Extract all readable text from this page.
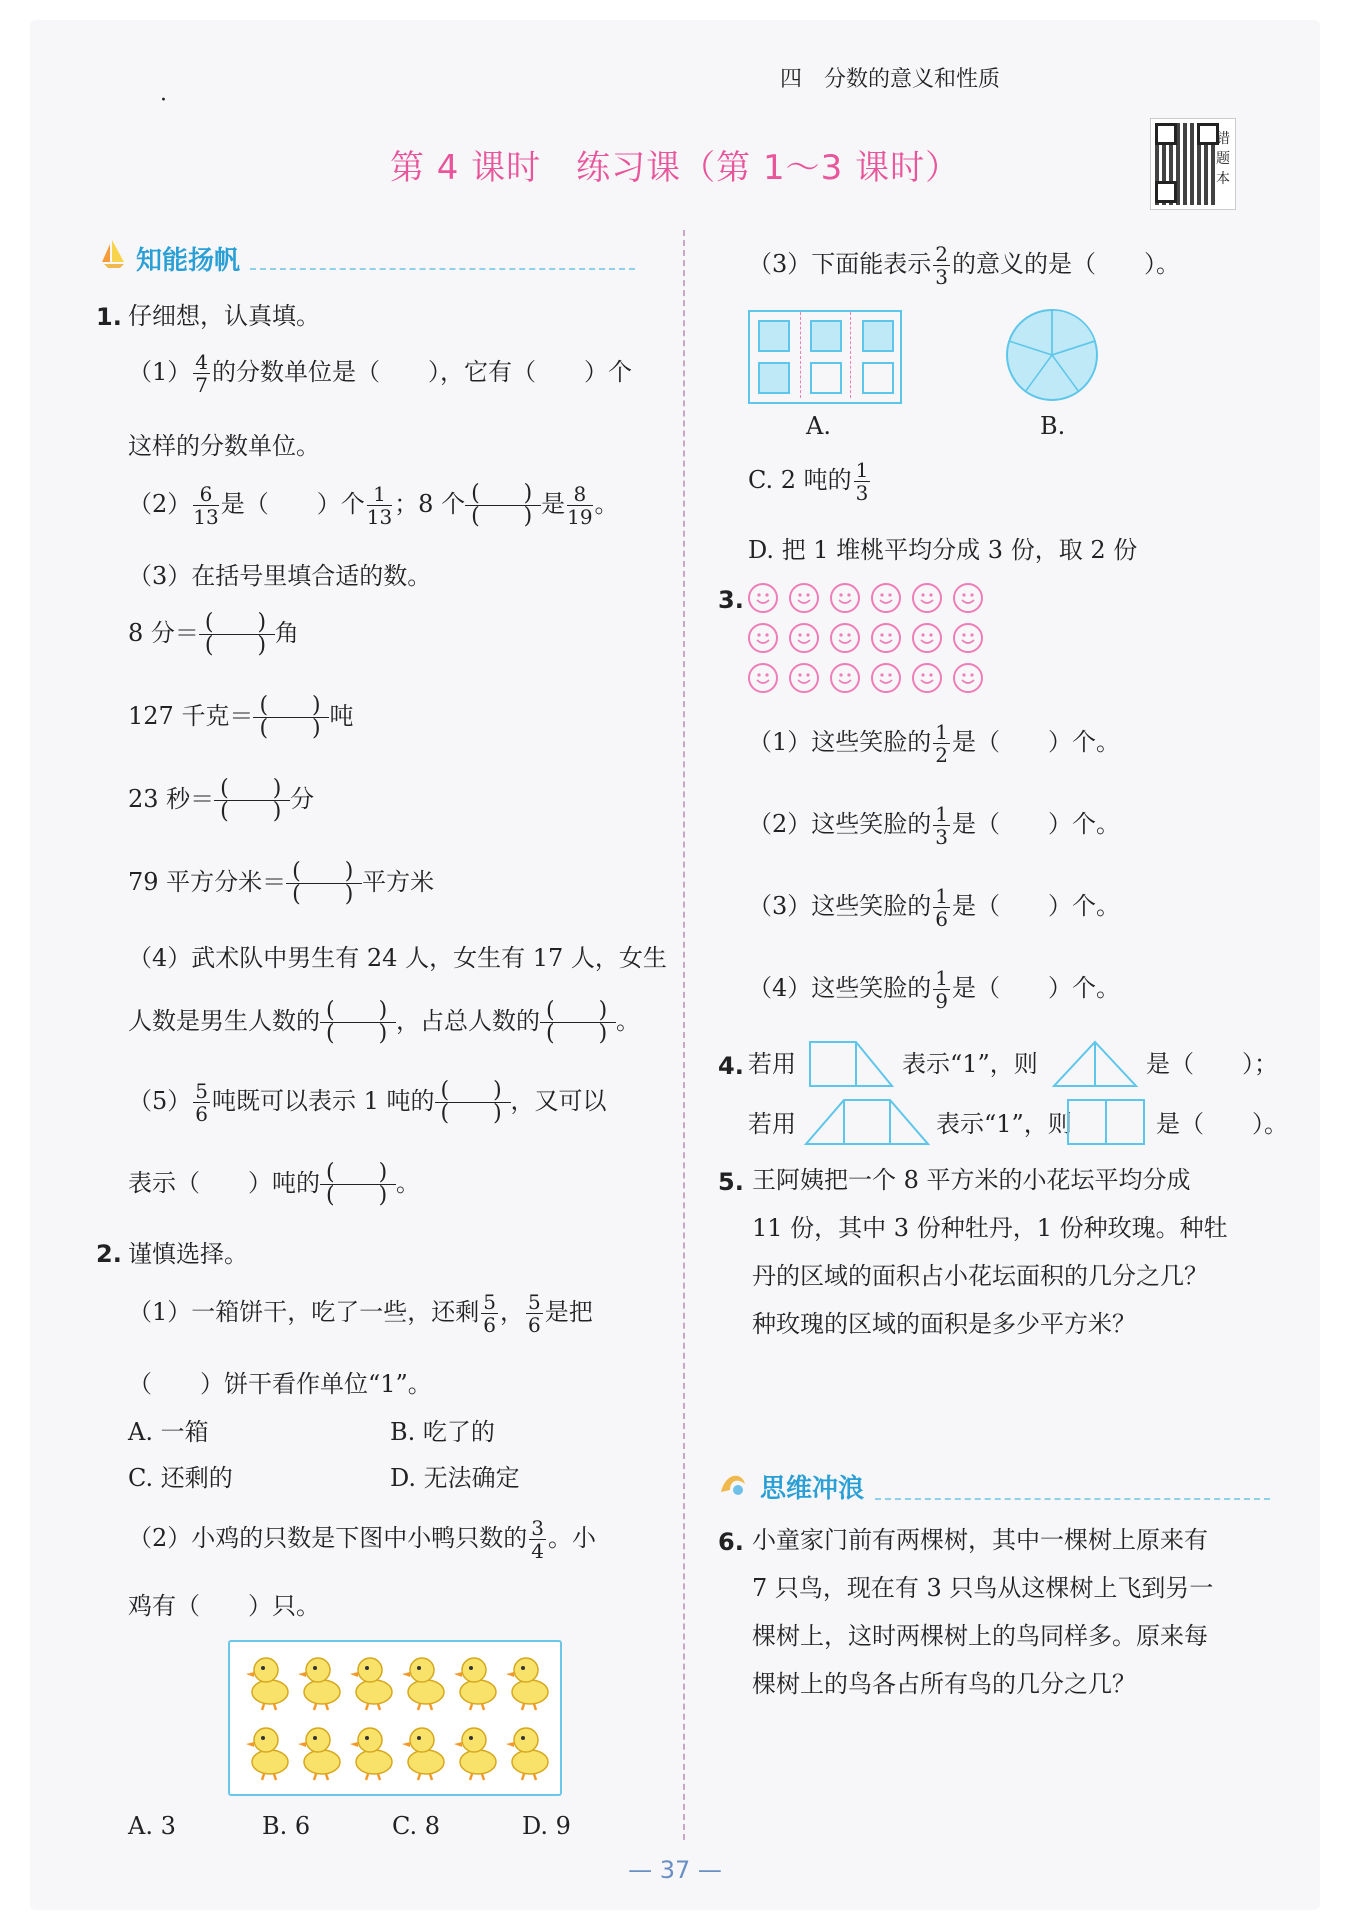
四　分数的意义和性质
·
第 4 课时　练习课（第 1～3 课时）
错
题
本
知能扬帆
1. 仔细想，认真填。
$(1) \frac{4}{7}$ 的分数单位是（　　），它有（　　）个
这样的分数单位。
$(2) \frac{6}{13}$ 是（　　）个 $\frac{1}{13}$ ；8 个 (　　)
(　　) 是 $\frac{8}{19}$ 。
（3）在括号里填合适的数。
8 分＝ (　　)
(　　) 角
127 千克＝ (　　)
(　　) 吨
23 秒＝ (　　)
(　　) 分
79 平方分米＝ (　　)
(　　) 平方米
（4）武术队中男生有 24 人，女生有 17 人，女生
人数是男生人数的 (　　)
(　　) ，占总人数的 (　　)
(　　) 。
$(5) \frac{5}{6}$ 吨既可以表示 1 吨的 (　　)
(　　) ，又可以
表示（　　）吨的 (　　)
(　　) 。
2. 谨慎选择。
（1）一箱饼干，吃了一些，还剩 $\frac{5}{6}$ ， $\frac{5}{6}$ 是把
（　　）饼干看作单位“1”。
A. 一箱	B. 吃了的
C. 还剩的	D. 无法确定
（2）小鸡的只数是下图中小鸭只数的 $\frac{3}{4}$ 。小
鸡有（　　）只。
A. 3	B. 6	C. 8	D. 9
（3）下面能表示 $\frac{2}{3}$ 的意义的是（　　）。
A.	B.
C. 2 吨的 $\frac{1}{3}$
D. 把 1 堆桃平均分成 3 份，取 2 份
3.
（1）这些笑脸的 $\frac{1}{2}$ 是（　　）个。
（2）这些笑脸的 $\frac{1}{3}$ 是（　　）个。
（3）这些笑脸的 $\frac{1}{6}$ 是（　　）个。
（4）这些笑脸的 $\frac{1}{9}$ 是（　　）个。
4. 若用	表示“1”，则	是（　　）；
若用	表示“1”，则	是（　　）。
5. 王阿姨把一个 8 平方米的小花坛平均分成
11 份，其中 3 份种牡丹，1 份种玫瑰。种牡
丹的区域的面积占小花坛面积的几分之几？
种玫瑰的区域的面积是多少平方米？
思维冲浪
6. 小童家门前有两棵树，其中一棵树上原来有
7 只鸟，现在有 3 只鸟从这棵树上飞到另一
棵树上，这时两棵树上的鸟同样多。原来每
棵树上的鸟各占所有鸟的几分之几？
— 37 —
